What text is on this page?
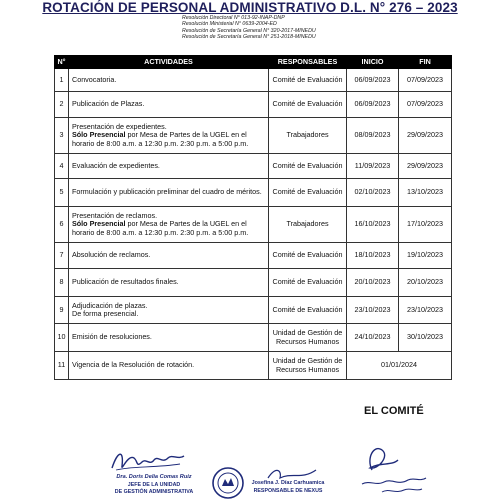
ROTACIÓN DE PERSONAL ADMINISTRATIVO D.L. N° 276 – 2023
Resolución Directoral N° 013-92-INAP-DNP
Resolución Ministerial N° 0639-2004-ED
Resolución de Secretaría General N° 320-2017-MINEDU
Resolución de Secretaría General N° 251-2018-MINEDU
N°	ACTIVIDADES	RESPONSABLES	INICIO	FIN
1	Convocatoria.	Comité de Evaluación	06/09/2023	07/09/2023
2	Publicación de Plazas.	Comité de Evaluación	06/09/2023	07/09/2023
3	Presentación de expedientes.
Sólo Presencial por Mesa de Partes de la UGEL en el horario de 8:00 a.m. a 12:30 p.m. 2:30 p.m. a 5:00 p.m.	Trabajadores	08/09/2023	29/09/2023
4	Evaluación de expedientes.	Comité de Evaluación	11/09/2023	29/09/2023
5	Formulación y publicación preliminar del cuadro de méritos.	Comité de Evaluación	02/10/2023	13/10/2023
6	Presentación de reclamos.
Sólo Presencial por Mesa de Partes de la UGEL en el horario de 8:00 a.m. a 12:30 p.m. 2:30 p.m. a 5:00 p.m.	Trabajadores	16/10/2023	17/10/2023
7	Absolución de reclamos.	Comité de Evaluación	18/10/2023	19/10/2023
8	Publicación de resultados finales.	Comité de Evaluación	20/10/2023	20/10/2023
9	Adjudicación de plazas.
De forma presencial.	Comité de Evaluación	23/10/2023	23/10/2023
10	Emisión de resoluciones.	Unidad de Gestión de Recursos Humanos	24/10/2023	30/10/2023
11	Vigencia de la Resolución de rotación.	Unidad de Gestión de Recursos Humanos	01/01/2024	
EL COMITÉ
Dra. Doris Delia Comas Ruiz
JEFE DE LA UNIDAD
DE GESTIÓN ADMINISTRATIVA
Josefina J. Díaz Carhuamica
RESPONSABLE DE NEXUS
